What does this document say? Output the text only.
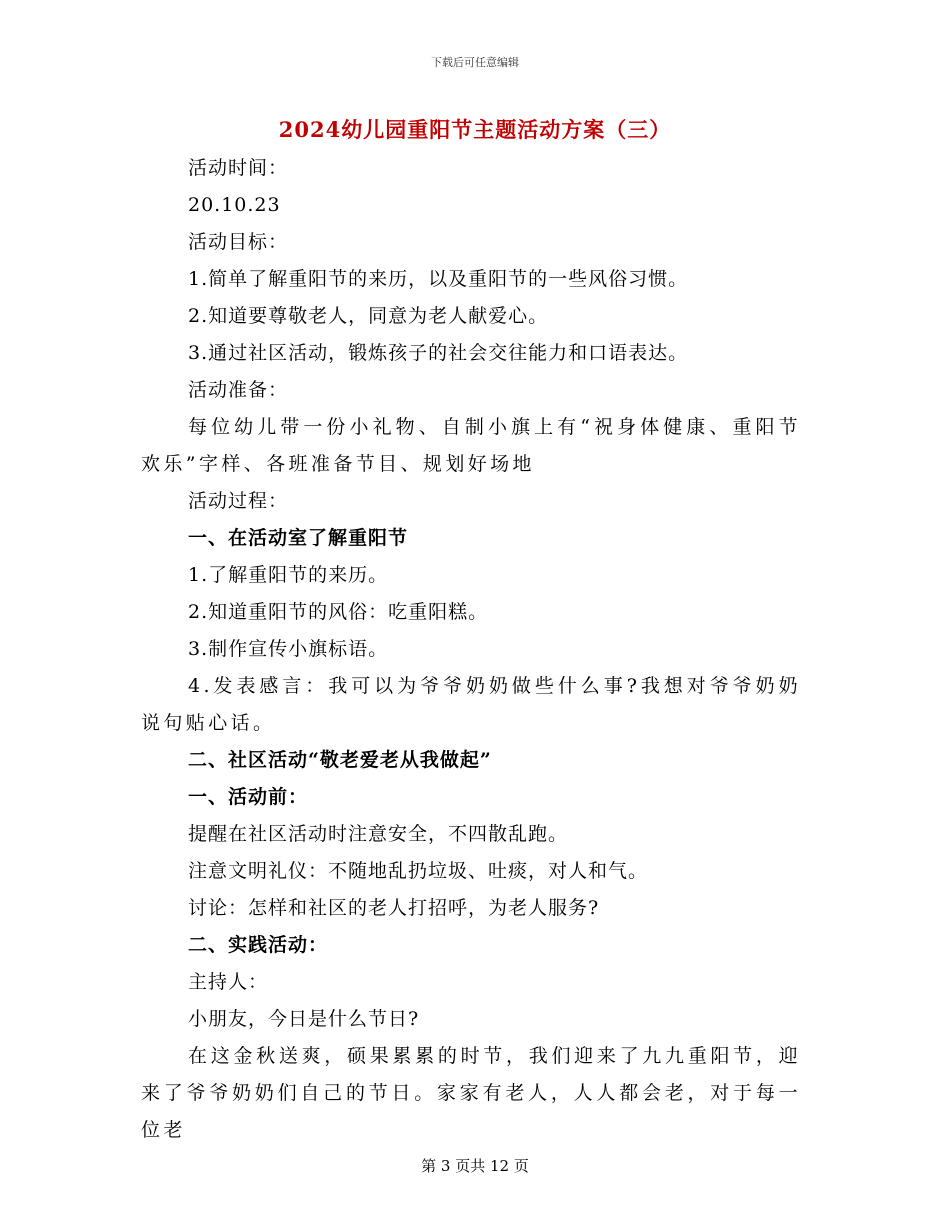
下载后可任意编辑
2024幼儿园重阳节主题活动方案（三）

活动时间：

20.10.23

活动目标：

1.简单了解重阳节的来历，以及重阳节的一些风俗习惯。

2.知道要尊敬老人，同意为老人献爱心。

3.通过社区活动，锻炼孩子的社会交往能力和口语表达。

活动准备：

每位幼儿带一份小礼物、自制小旗上有“祝身体健康、重阳节欢乐”字样、各班准备节目、规划好场地

活动过程：

一、在活动室了解重阳节

1.了解重阳节的来历。

2.知道重阳节的风俗：吃重阳糕。

3.制作宣传小旗标语。

4.发表感言：我可以为爷爷奶奶做些什么事?我想对爷爷奶奶说句贴心话。

二、社区活动“敬老爱老从我做起”

一、活动前：

提醒在社区活动时注意安全，不四散乱跑。

注意文明礼仪：不随地乱扔垃圾、吐痰，对人和气。

讨论：怎样和社区的老人打招呼，为老人服务?

二、实践活动：

主持人：

小朋友，今日是什么节日?

在这金秋送爽，硕果累累的时节，我们迎来了九九重阳节，迎来了爷爷奶奶们自己的节日。家家有老人，人人都会老，对于每一位老

第 3 页共 12 页
